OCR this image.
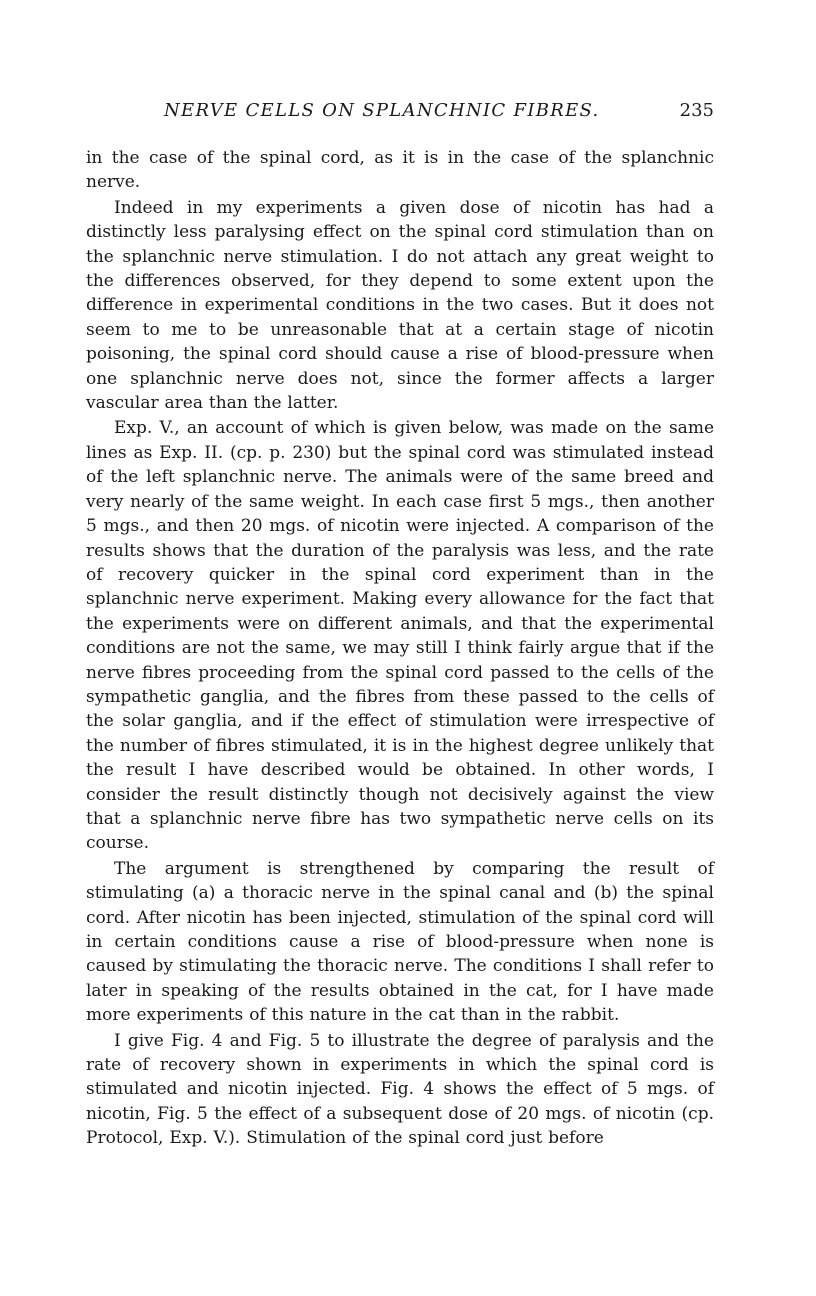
NERVE CELLS ON SPLANCHNIC FIBRES.	235

in the case of the spinal cord, as it is in the case of the splanchnic nerve.

Indeed in my experiments a given dose of nicotin has had a distinctly less paralysing effect on the spinal cord stimulation than on the splanchnic nerve stimulation. I do not attach any great weight to the differences observed, for they depend to some extent upon the difference in experimental conditions in the two cases. But it does not seem to me to be unreasonable that at a certain stage of nicotin poisoning, the spinal cord should cause a rise of blood-pressure when one splanchnic nerve does not, since the former affects a larger vascular area than the latter.

Exp. V., an account of which is given below, was made on the same lines as Exp. II. (cp. p. 230) but the spinal cord was stimulated instead of the left splanchnic nerve. The animals were of the same breed and very nearly of the same weight. In each case first 5 mgs., then another 5 mgs., and then 20 mgs. of nicotin were injected. A comparison of the results shows that the duration of the paralysis was less, and the rate of recovery quicker in the spinal cord experiment than in the splanchnic nerve experiment. Making every allowance for the fact that the experiments were on different animals, and that the experimental conditions are not the same, we may still I think fairly argue that if the nerve fibres proceeding from the spinal cord passed to the cells of the sympathetic ganglia, and the fibres from these passed to the cells of the solar ganglia, and if the effect of stimulation were irrespective of the number of fibres stimulated, it is in the highest degree unlikely that the result I have described would be obtained. In other words, I consider the result distinctly though not decisively against the view that a splanchnic nerve fibre has two sympathetic nerve cells on its course.

The argument is strengthened by comparing the result of stimulating (a) a thoracic nerve in the spinal canal and (b) the spinal cord. After nicotin has been injected, stimulation of the spinal cord will in certain conditions cause a rise of blood-pressure when none is caused by stimulating the thoracic nerve. The conditions I shall refer to later in speaking of the results obtained in the cat, for I have made more experiments of this nature in the cat than in the rabbit.

I give Fig. 4 and Fig. 5 to illustrate the degree of paralysis and the rate of recovery shown in experiments in which the spinal cord is stimulated and nicotin injected. Fig. 4 shows the effect of 5 mgs. of nicotin, Fig. 5 the effect of a subsequent dose of 20 mgs. of nicotin (cp. Protocol, Exp. V.). Stimulation of the spinal cord just before
